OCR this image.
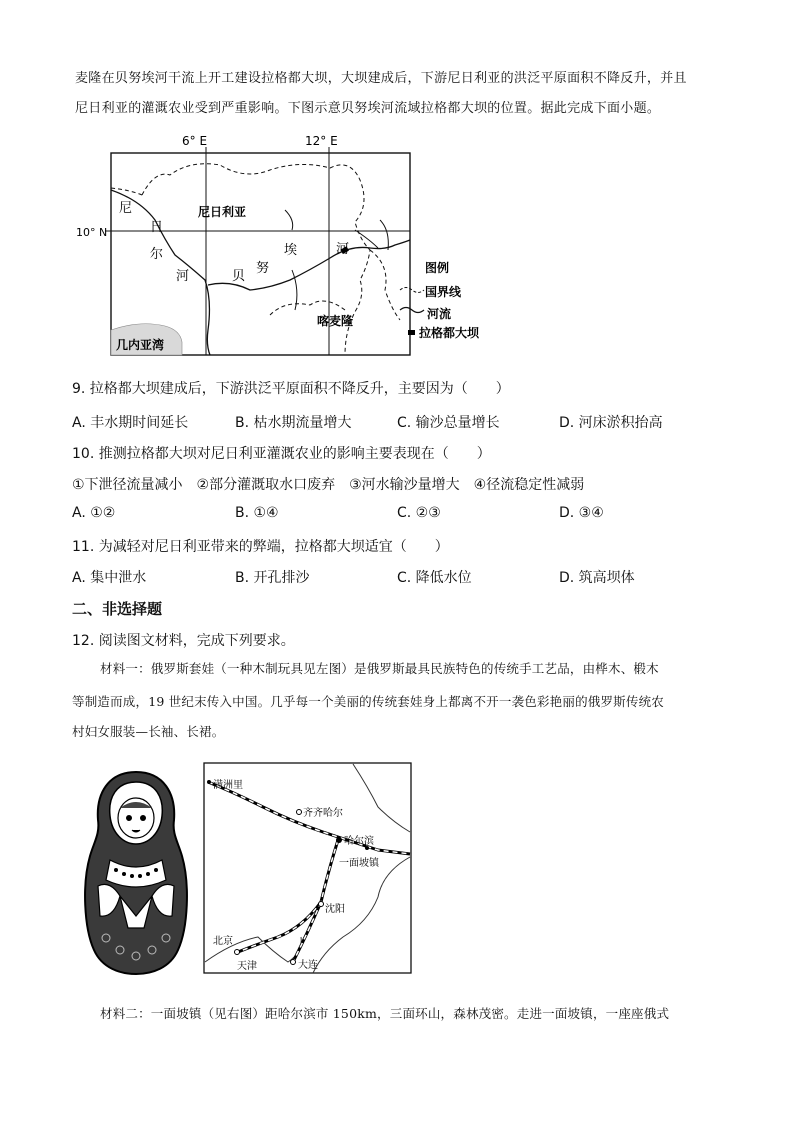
麦隆在贝努埃河干流上开工建设拉格都大坝，大坝建成后，下游尼日利亚的洪泛平原面积不降反升，并且
尼日利亚的灌溉农业受到严重影响。下图示意贝努埃河流域拉格都大坝的位置。据此完成下面小题。
6° E	12° E
10° N
尼
日
尔
河
尼日利亚
贝
努
埃	河
喀麦隆
几内亚湾
图例
国界线
河流
拉格都大坝
9. 拉格都大坝建成后，下游洪泛平原面积不降反升，主要因为（　　）
A. 丰水期时间延长	B. 枯水期流量增大	C. 输沙总量增长	D. 河床淤积抬高
10. 推测拉格都大坝对尼日利亚灌溉农业的影响主要表现在（　　）
①下泄径流量减小　②部分灌溉取水口废弃　③河水输沙量增大　④径流稳定性减弱
A. ①②	B. ①④	C. ②③	D. ③④
11. 为减轻对尼日利亚带来的弊端，拉格都大坝适宜（　　）
A. 集中泄水	B. 开孔排沙	C. 降低水位	D. 筑高坝体
二、非选择题
12. 阅读图文材料，完成下列要求。
材料一：俄罗斯套娃（一种木制玩具见左图）是俄罗斯最具民族特色的传统手工艺品，由桦木、椴木
等制造而成，19 世纪末传入中国。几乎每一个美丽的传统套娃身上都离不开一袭色彩艳丽的俄罗斯传统农
村妇女服装—长袖、长裙。
满洲里
齐齐哈尔
哈尔滨
一面坡镇
沈阳
北京
天津	大连
材料二：一面坡镇（见右图）距哈尔滨市 150km，三面环山，森林茂密。走进一面坡镇，一座座俄式
